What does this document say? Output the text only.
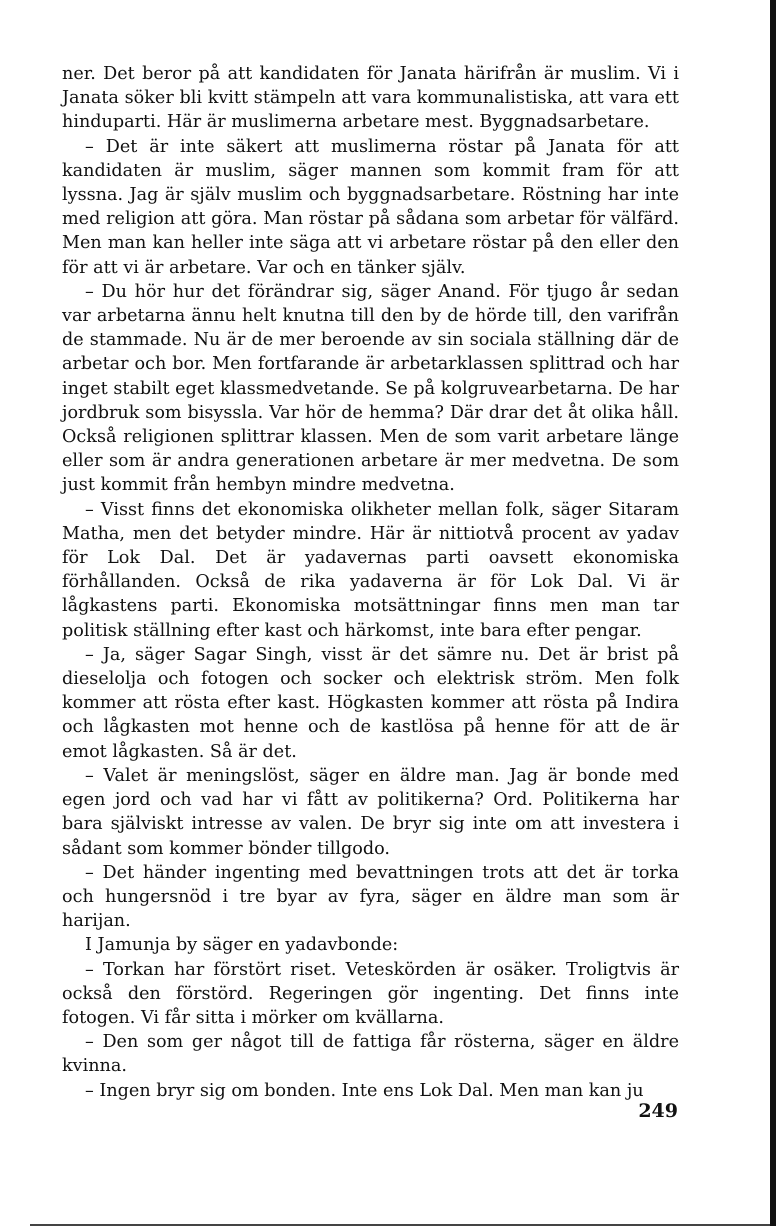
ner. Det beror på att kandidaten för Janata härifrån är muslim. Vi i Janata söker bli kvitt stämpeln att vara kommunalistiska, att vara ett hinduparti. Här är muslimerna arbetare mest. Byggnadsarbetare.

– Det är inte säkert att muslimerna röstar på Janata för att kandidaten är muslim, säger mannen som kommit fram för att lyssna. Jag är själv muslim och byggnadsarbetare. Röstning har inte med religion att göra. Man röstar på sådana som arbetar för välfärd. Men man kan heller inte säga att vi arbetare röstar på den eller den för att vi är arbetare. Var och en tänker själv.

– Du hör hur det förändrar sig, säger Anand. För tjugo år sedan var arbetarna ännu helt knutna till den by de hörde till, den varifrån de stammade. Nu är de mer beroende av sin sociala ställning där de arbetar och bor. Men fortfarande är arbetarklassen splittrad och har inget stabilt eget klassmedvetande. Se på kolgruvearbetarna. De har jordbruk som bisyssla. Var hör de hemma? Där drar det åt olika håll. Också religionen splittrar klassen. Men de som varit arbetare länge eller som är andra generationen arbetare är mer medvetna. De som just kommit från hembyn mindre medvetna.

– Visst finns det ekonomiska olikheter mellan folk, säger Sitaram Matha, men det betyder mindre. Här är nittiotvå procent av yadav för Lok Dal. Det är yadavernas parti oavsett ekonomiska förhållanden. Också de rika yadaverna är för Lok Dal. Vi är lågkastens parti. Ekonomiska motsättningar finns men man tar politisk ställning efter kast och härkomst, inte bara efter pengar.

– Ja, säger Sagar Singh, visst är det sämre nu. Det är brist på dieselolja och fotogen och socker och elektrisk ström. Men folk kommer att rösta efter kast. Högkasten kommer att rösta på Indira och lågkasten mot henne och de kastlösa på henne för att de är emot lågkasten. Så är det.

– Valet är meningslöst, säger en äldre man. Jag är bonde med egen jord och vad har vi fått av politikerna? Ord. Politikerna har bara själviskt intresse av valen. De bryr sig inte om att investera i sådant som kommer bönder tillgodo.

– Det händer ingenting med bevattningen trots att det är torka och hungersnöd i tre byar av fyra, säger en äldre man som är harijan.

I Jamunja by säger en yadavbonde:

– Torkan har förstört riset. Veteskörden är osäker. Troligtvis är också den förstörd. Regeringen gör ingenting. Det finns inte fotogen. Vi får sitta i mörker om kvällarna.

– Den som ger något till de fattiga får rösterna, säger en äldre kvinna.

– Ingen bryr sig om bonden. Inte ens Lok Dal. Men man kan ju

249
